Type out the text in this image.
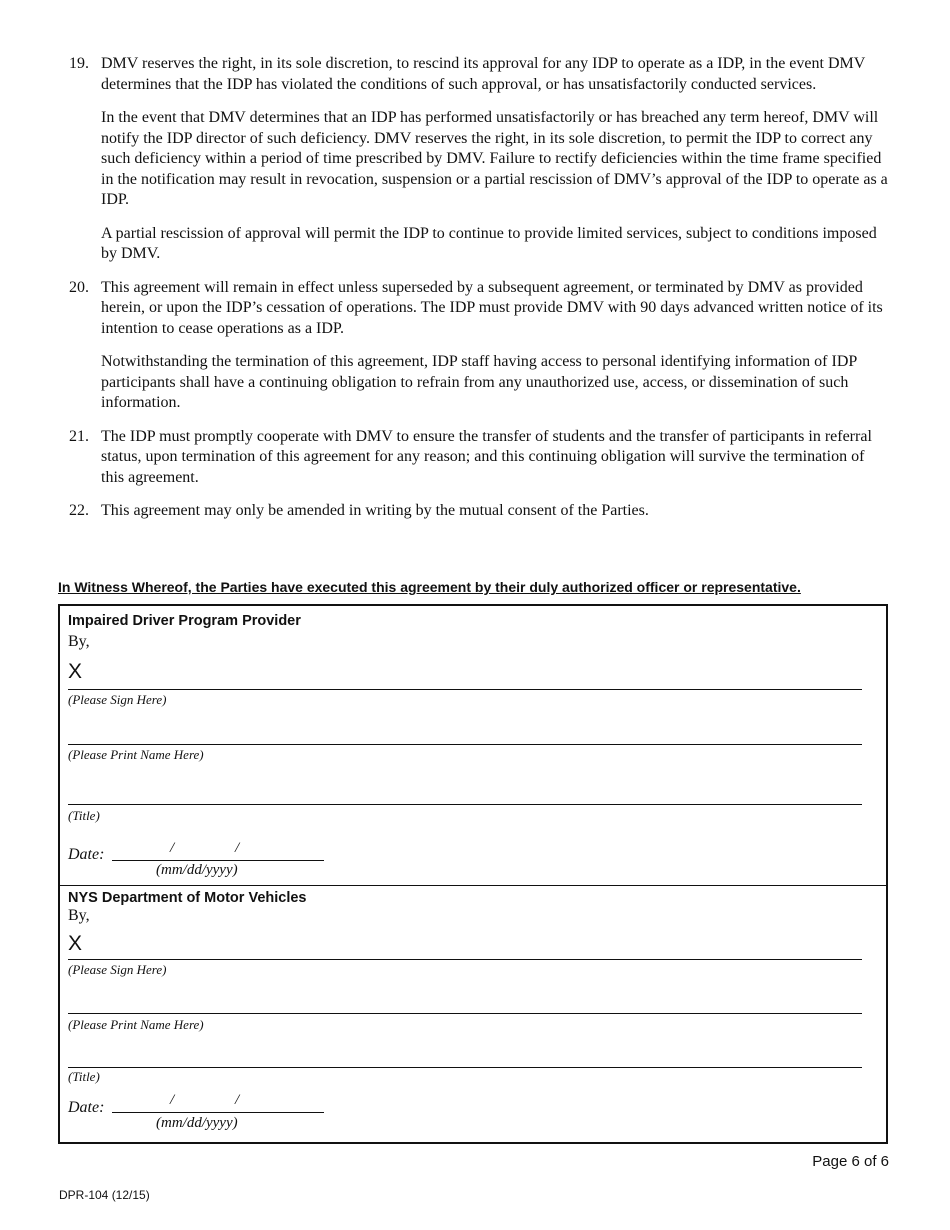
19. DMV reserves the right, in its sole discretion, to rescind its approval for any IDP to operate as a IDP, in the event DMV determines that the IDP has violated the conditions of such approval, or has unsatisfactorily conducted services.

In the event that DMV determines that an IDP has performed unsatisfactorily or has breached any term hereof, DMV will notify the IDP director of such deficiency. DMV reserves the right, in its sole discretion, to permit the IDP to correct any such deficiency within a period of time prescribed by DMV. Failure to rectify deficiencies within the time frame specified in the notification may result in revocation, suspension or a partial rescission of DMV’s approval of the IDP to operate as a IDP.

A partial rescission of approval will permit the IDP to continue to provide limited services, subject to conditions imposed by DMV.

20. This agreement will remain in effect unless superseded by a subsequent agreement, or terminated by DMV as provided herein, or upon the IDP’s cessation of operations. The IDP must provide DMV with 90 days advanced written notice of its intention to cease operations as a IDP.

Notwithstanding the termination of this agreement, IDP staff having access to personal identifying information of IDP participants shall have a continuing obligation to refrain from any unauthorized use, access, or dissemination of such information.

21. The IDP must promptly cooperate with DMV to ensure the transfer of students and the transfer of participants in referral status, upon termination of this agreement for any reason; and this continuing obligation will survive the termination of this agreement.

22. This agreement may only be amended in writing by the mutual consent of the Parties.

In Witness Whereof, the Parties have executed this agreement by their duly authorized officer or representative.
Impaired Driver Program Provider
By,
X
(Please Sign Here)
(Please Print Name Here)
(Title)
Date:	/	/
(mm/dd/yyyy)
NYS Department of Motor Vehicles
By,
X
(Please Sign Here)
(Please Print Name Here)
(Title)
Date:	/	/
(mm/dd/yyyy)
DPR-104 (12/15)
Page 6 of 6
